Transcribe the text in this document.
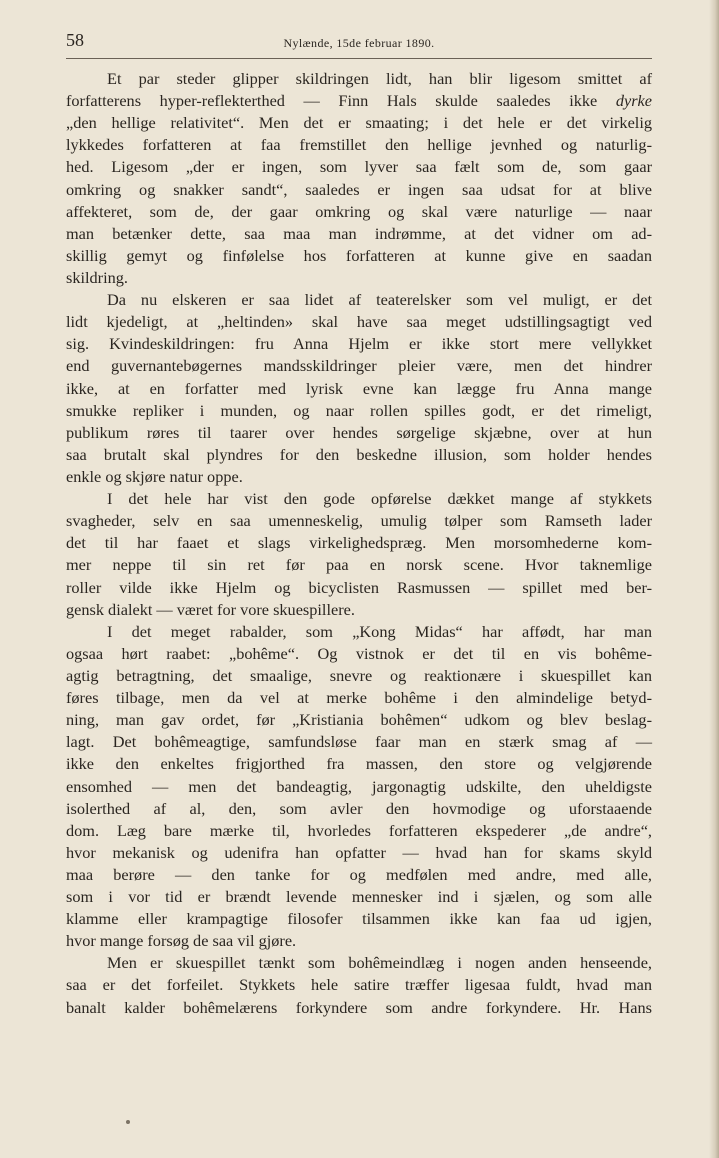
58	Nylænde, 15de februar 1890.
Et par steder glipper skildringen lidt, han blir ligesom smittet af
forfatterens hyper-reflekterthed — Finn Hals skulde saaledes ikke dyrke
„den hellige relativitet“. Men det er smaating; i det hele er det virkelig
lykkedes forfatteren at faa fremstillet den hellige jevnhed og naturlig-
hed. Ligesom „der er ingen, som lyver saa fælt som de, som gaar
omkring og snakker sandt“, saaledes er ingen saa udsat for at blive
affekteret, som de, der gaar omkring og skal være naturlige — naar
man betænker dette, saa maa man indrømme, at det vidner om ad-
skillig gemyt og finfølelse hos forfatteren at kunne give en saadan
skildring.
Da nu elskeren er saa lidet af teaterelsker som vel muligt, er det
lidt kjedeligt, at „heltinden» skal have saa meget udstillingsagtigt ved
sig. Kvindeskildringen: fru Anna Hjelm er ikke stort mere vellykket
end guvernantebøgernes mandsskildringer pleier være, men det hindrer
ikke, at en forfatter med lyrisk evne kan lægge fru Anna mange
smukke repliker i munden, og naar rollen spilles godt, er det rimeligt,
publikum røres til taarer over hendes sørgelige skjæbne, over at hun
saa brutalt skal plyndres for den beskedne illusion, som holder hendes
enkle og skjøre natur oppe.
I det hele har vist den gode opførelse dækket mange af stykkets
svagheder, selv en saa umenneskelig, umulig tølper som Ramseth lader
det til har faaet et slags virkelighedspræg. Men morsomhederne kom-
mer neppe til sin ret før paa en norsk scene. Hvor taknemlige
roller vilde ikke Hjelm og bicyclisten Rasmussen — spillet med ber-
gensk dialekt — været for vore skuespillere.
I det meget rabalder, som „Kong Midas“ har affødt, har man
ogsaa hørt raabet: „bohême“. Og vistnok er det til en vis bohême-
agtig betragtning, det smaalige, snevre og reaktionære i skuespillet kan
føres tilbage, men da vel at merke bohême i den almindelige betyd-
ning, man gav ordet, før „Kristiania bohêmen“ udkom og blev beslag-
lagt. Det bohêmeagtige, samfundsløse faar man en stærk smag af —
ikke den enkeltes frigjorthed fra massen, den store og velgjørende
ensomhed — men det bandeagtig, jargonagtig udskilte, den uheldigste
isolerthed af al, den, som avler den hovmodige og uforstaaende
dom. Læg bare mærke til, hvorledes forfatteren ekspederer „de andre“,
hvor mekanisk og udenifra han opfatter — hvad han for skams skyld
maa berøre — den tanke for og medfølen med andre, med alle,
som i vor tid er brændt levende mennesker ind i sjælen, og som alle
klamme eller krampagtige filosofer tilsammen ikke kan faa ud igjen,
hvor mange forsøg de saa vil gjøre.
Men er skuespillet tænkt som bohêmeindlæg i nogen anden henseende,
saa er det forfeilet. Stykkets hele satire træffer ligesaa fuldt, hvad man
banalt kalder bohêmelærens forkyndere som andre forkyndere. Hr. Hans
